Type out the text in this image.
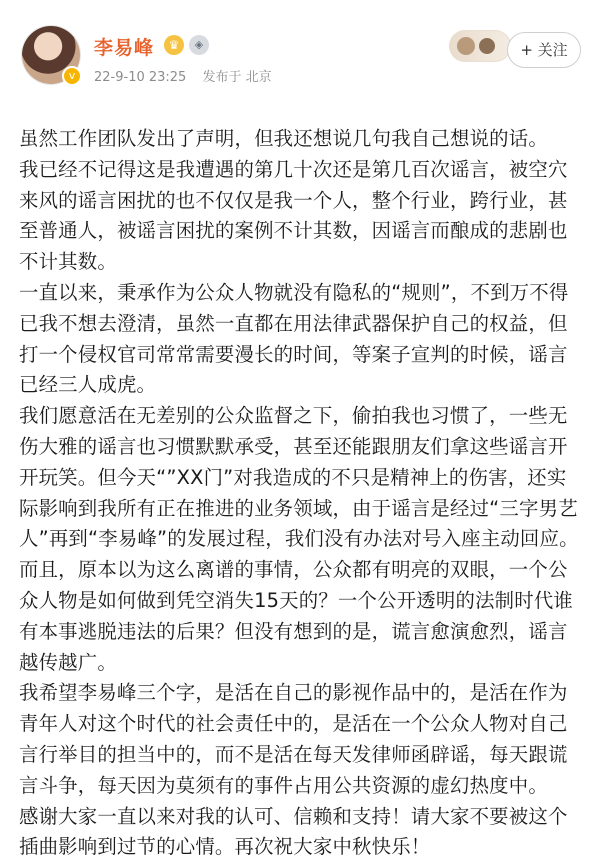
v
李易峰	♛	◈
22-9-10 23:25 发布于 北京
+ 关注

虽然工作团队发出了声明，但我还想说几句我自己想说的话。

我已经不记得这是我遭遇的第几十次还是第几百次谣言，被空穴来风的谣言困扰的也不仅仅是我一个人，整个行业，跨行业，甚至普通人，被谣言困扰的案例不计其数，因谣言而酿成的悲剧也不计其数。

一直以来，秉承作为公众人物就没有隐私的“规则”，不到万不得已我不想去澄清，虽然一直都在用法律武器保护自己的权益，但打一个侵权官司常常需要漫长的时间，等案子宣判的时候，谣言已经三人成虎。

我们愿意活在无差别的公众监督之下，偷拍我也习惯了，一些无伤大雅的谣言也习惯默默承受，甚至还能跟朋友们拿这些谣言开开玩笑。但今天“”XX门”对我造成的不只是精神上的伤害，还实际影响到我所有正在推进的业务领域，由于谣言是经过“三字男艺人”再到“李易峰”的发展过程，我们没有办法对号入座主动回应。而且，原本以为这么离谱的事情，公众都有明亮的双眼，一个公众人物是如何做到凭空消失15天的？一个公开透明的法制时代谁有本事逃脱违法的后果？但没有想到的是，谎言愈演愈烈，谣言越传越广。

我希望李易峰三个字，是活在自己的影视作品中的，是活在作为青年人对这个时代的社会责任中的，是活在一个公众人物对自己言行举目的担当中的，而不是活在每天发律师函辟谣，每天跟谎言斗争，每天因为莫须有的事件占用公共资源的虚幻热度中。

感谢大家一直以来对我的认可、信赖和支持！请大家不要被这个插曲影响到过节的心情。再次祝大家中秋快乐！
